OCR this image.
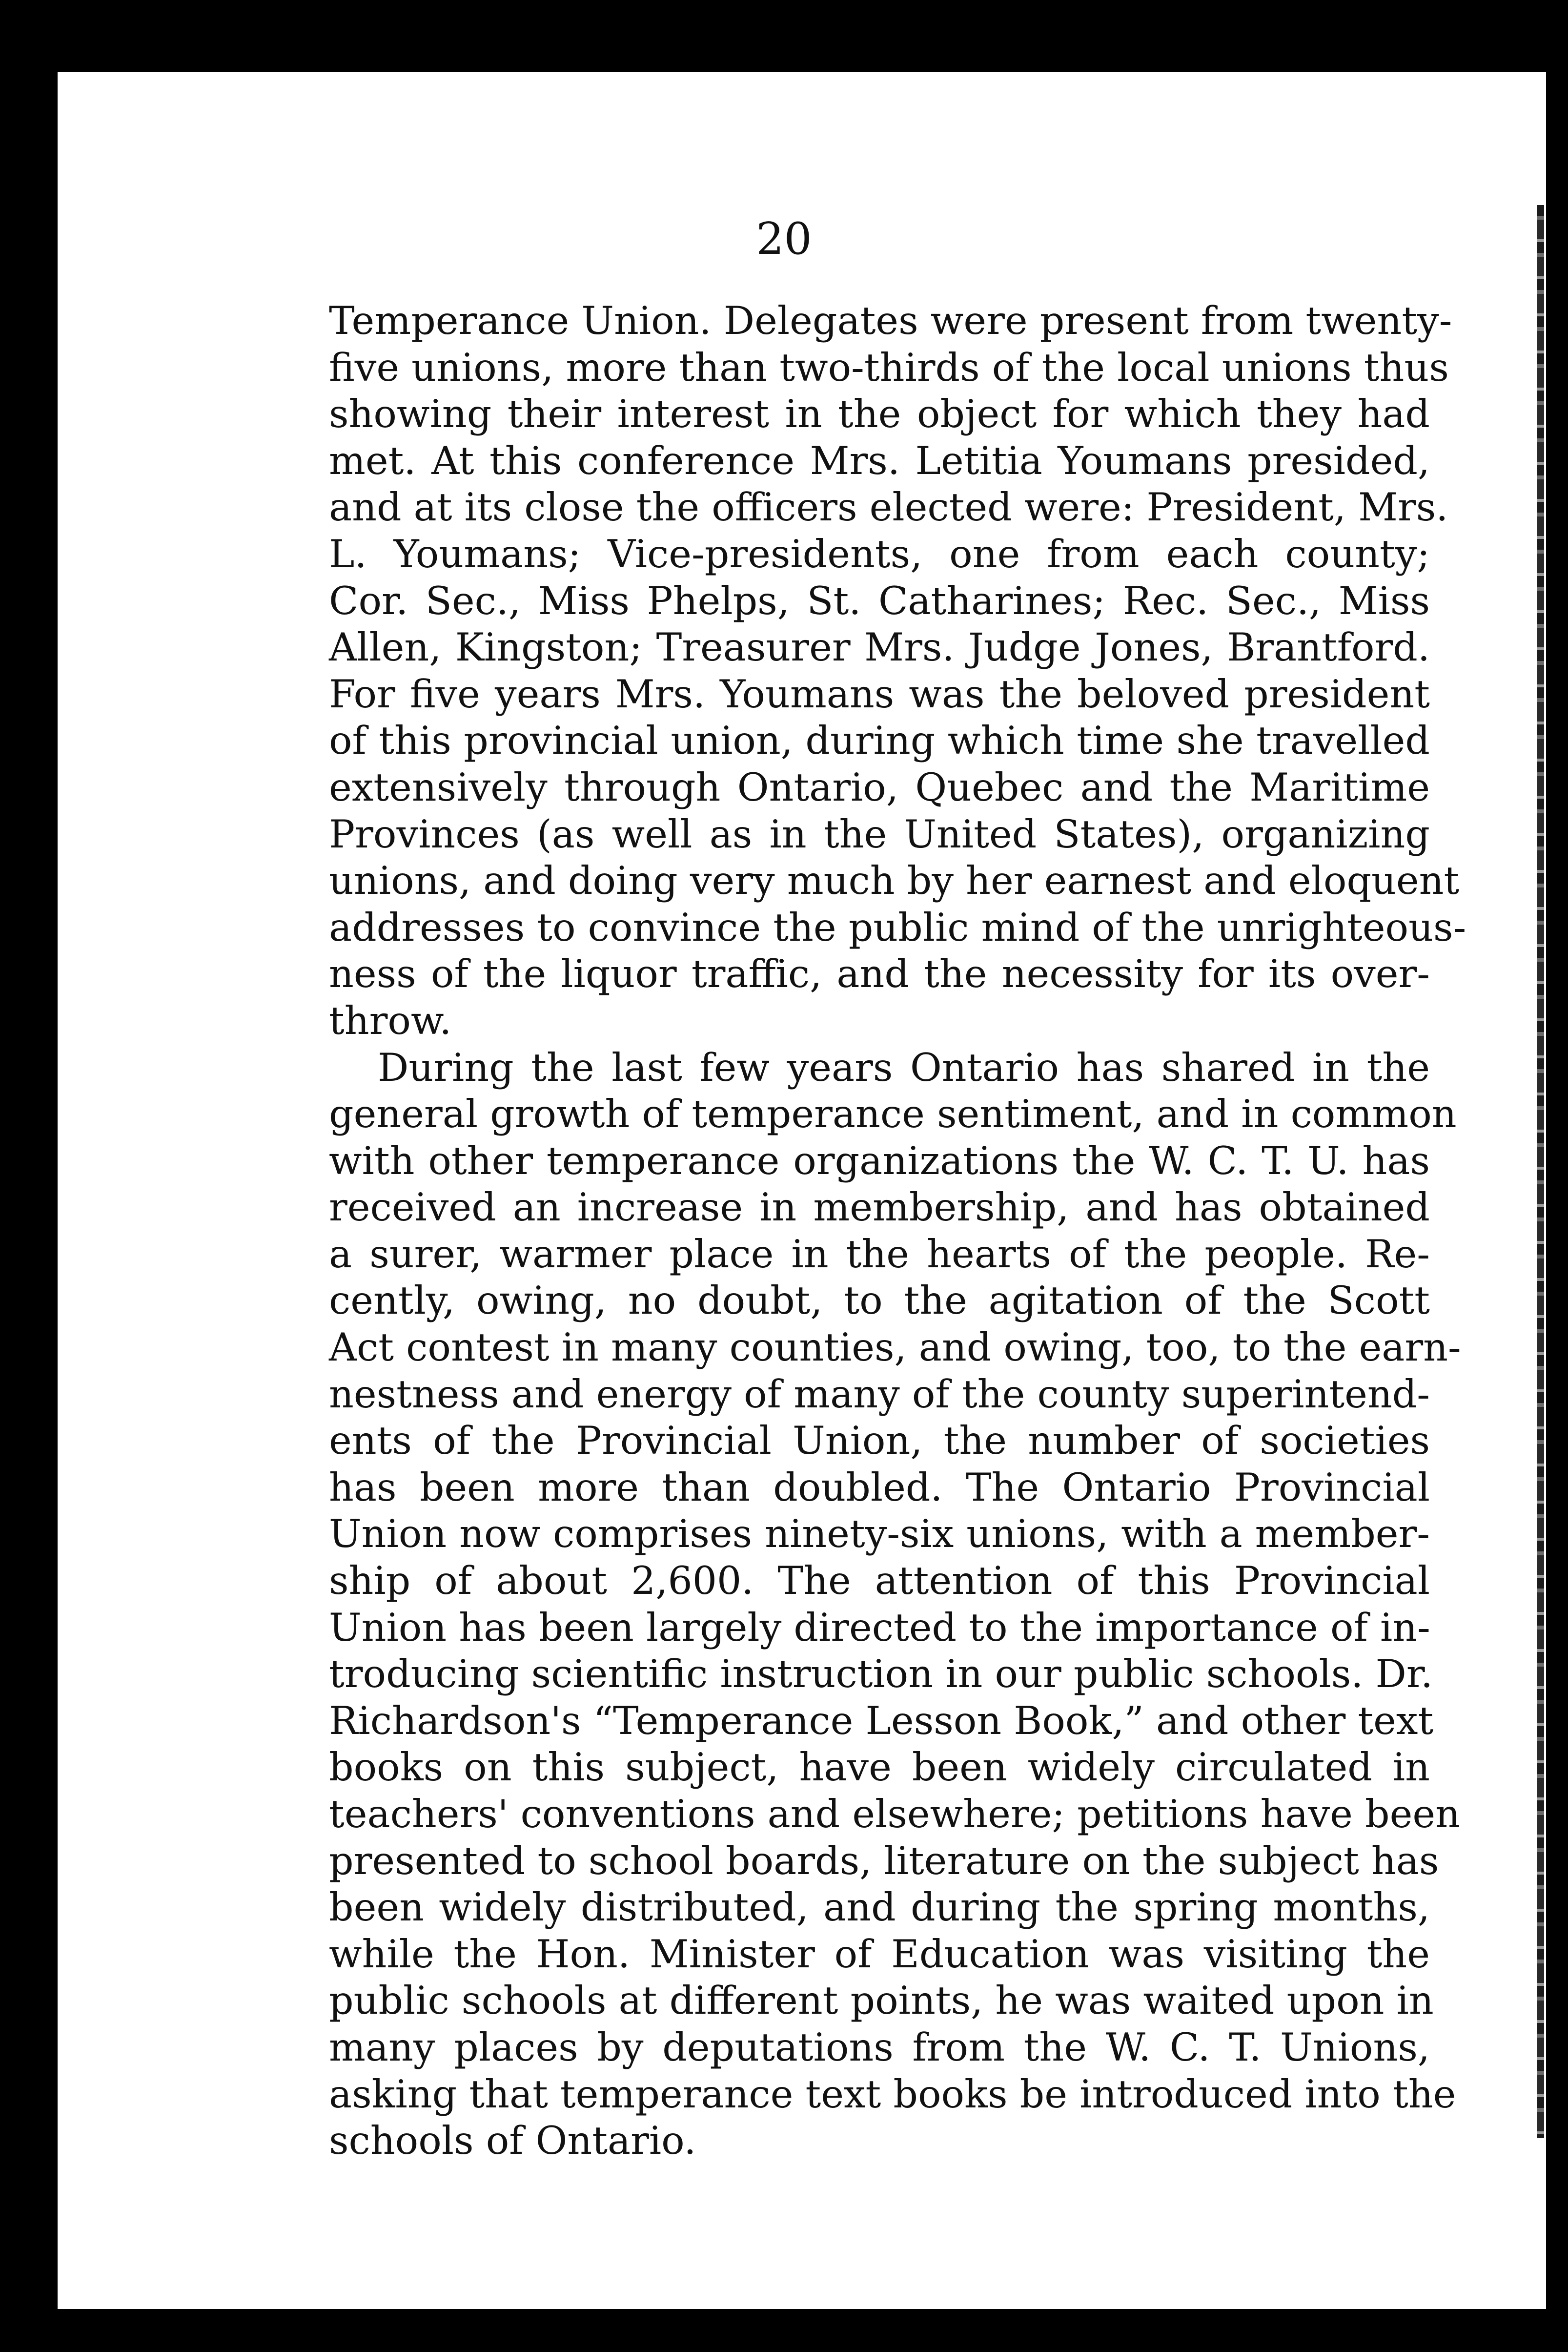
20
Temperance Union. Delegates were present from twenty-
five unions, more than two-thirds of the local unions thus
showing their interest in the object for which they had
met. At this conference Mrs. Letitia Youmans presided,
and at its close the officers elected were: President, Mrs.
L. Youmans; Vice-presidents, one from each county;
Cor. Sec., Miss Phelps, St. Catharines; Rec. Sec., Miss
Allen, Kingston; Treasurer Mrs. Judge Jones, Brantford.
For five years Mrs. Youmans was the beloved president
of this provincial union, during which time she travelled
extensively through Ontario, Quebec and the Maritime
Provinces (as well as in the United States), organizing
unions, and doing very much by her earnest and eloquent
addresses to convince the public mind of the unrighteous-
ness of the liquor traffic, and the necessity for its over-
throw.
During the last few years Ontario has shared in the
general growth of temperance sentiment, and in common
with other temperance organizations the W. C. T. U. has
received an increase in membership, and has obtained
a surer, warmer place in the hearts of the people. Re-
cently, owing, no doubt, to the agitation of the Scott
Act contest in many counties, and owing, too, to the earn-
nestness and energy of many of the county superintend-
ents of the Provincial Union, the number of societies
has been more than doubled. The Ontario Provincial
Union now comprises ninety-six unions, with a member-
ship of about 2,600. The attention of this Provincial
Union has been largely directed to the importance of in-
troducing scientific instruction in our public schools. Dr.
Richardson's “Temperance Lesson Book,” and other text
books on this subject, have been widely circulated in
teachers' conventions and elsewhere; petitions have been
presented to school boards, literature on the subject has
been widely distributed, and during the spring months,
while the Hon. Minister of Education was visiting the
public schools at different points, he was waited upon in
many places by deputations from the W. C. T. Unions,
asking that temperance text books be introduced into the
schools of Ontario.
